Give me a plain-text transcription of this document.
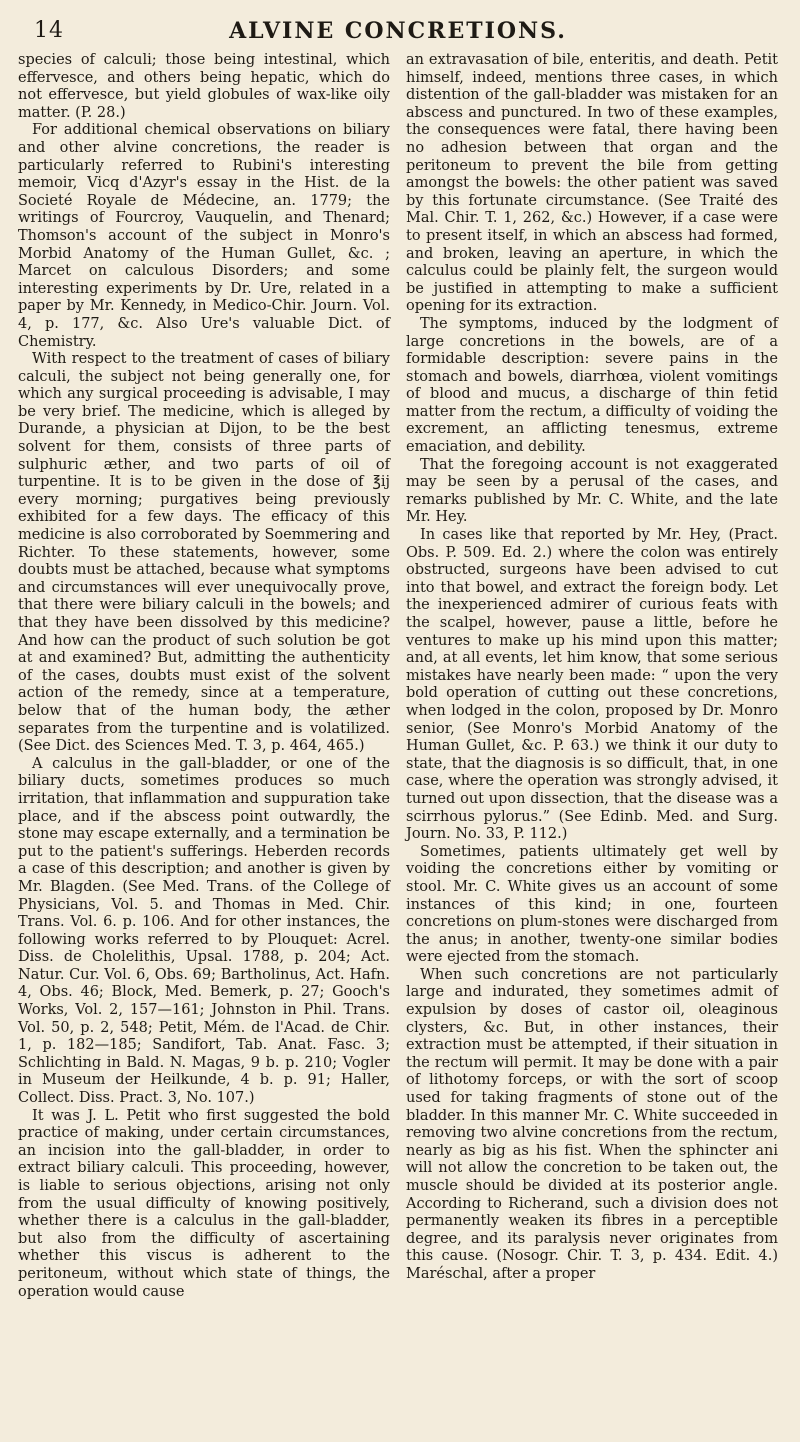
14	ALVINE CONCRETIONS.

species of calculi; those being intestinal, which effervesce, and others being hepatic, which do not effervesce, but yield globules of wax-like oily matter. (P. 28.)

For additional chemical observations on biliary and other alvine concretions, the reader is particularly referred to Rubini's interesting memoir, Vicq d'Azyr's essay in the Hist. de la Societé Royale de Médecine, an. 1779; the writings of Fourcroy, Vauquelin, and Thenard; Thomson's account of the subject in Monro's Morbid Anatomy of the Human Gullet, &c. ; Marcet on calculous Disorders; and some interesting experiments by Dr. Ure, related in a paper by Mr. Kennedy, in Medico-Chir. Journ. Vol. 4, p. 177, &c. Also Ure's valuable Dict. of Chemistry.

With respect to the treatment of cases of biliary calculi, the subject not being generally one, for which any surgical proceeding is advisable, I may be very brief. The medicine, which is alleged by Durande, a physician at Dijon, to be the best solvent for them, consists of three parts of sulphuric æther, and two parts of oil of turpentine. It is to be given in the dose of ℥ij every morning; purgatives being previously exhibited for a few days. The efficacy of this medicine is also corroborated by Soemmering and Richter. To these statements, however, some doubts must be attached, because what symptoms and circumstances will ever unequivocally prove, that there were biliary calculi in the bowels; and that they have been dissolved by this medicine? And how can the product of such solution be got at and examined? But, admitting the authenticity of the cases, doubts must exist of the solvent action of the remedy, since at a temperature, below that of the human body, the æther separates from the turpentine and is volatilized. (See Dict. des Sciences Med. T. 3, p. 464, 465.)

A calculus in the gall-bladder, or one of the biliary ducts, sometimes produces so much irritation, that inflammation and suppuration take place, and if the abscess point outwardly, the stone may escape externally, and a termination be put to the patient's sufferings. Heberden records a case of this description; and another is given by Mr. Blagden. (See Med. Trans. of the College of Physicians, Vol. 5. and Thomas in Med. Chir. Trans. Vol. 6. p. 106. And for other instances, the following works referred to by Plouquet: Acrel. Diss. de Cholelithis, Upsal. 1788, p. 204; Act. Natur. Cur. Vol. 6, Obs. 69; Bartholinus, Act. Hafn. 4, Obs. 46; Block, Med. Bemerk, p. 27; Gooch's Works, Vol. 2, 157—161; Johnston in Phil. Trans. Vol. 50, p. 2, 548; Petit, Mém. de l'Acad. de Chir. 1, p. 182—185; Sandifort, Tab. Anat. Fasc. 3; Schlichting in Bald. N. Magas, 9 b. p. 210; Vogler in Museum der Heilkunde, 4 b. p. 91; Haller, Collect. Diss. Pract. 3, No. 107.)

It was J. L. Petit who first suggested the bold practice of making, under certain circumstances, an incision into the gall-bladder, in order to extract biliary calculi. This proceeding, however, is liable to serious objections, arising not only from the usual difficulty of knowing positively, whether there is a calculus in the gall-bladder, but also from the difficulty of ascertaining whether this viscus is adherent to the peritoneum, without which state of things, the operation would cause

an extravasation of bile, enteritis, and death. Petit himself, indeed, mentions three cases, in which distention of the gall-bladder was mistaken for an abscess and punctured. In two of these examples, the consequences were fatal, there having been no adhesion between that organ and the peritoneum to prevent the bile from getting amongst the bowels: the other patient was saved by this fortunate circumstance. (See Traité des Mal. Chir. T. 1, 262, &c.) However, if a case were to present itself, in which an abscess had formed, and broken, leaving an aperture, in which the calculus could be plainly felt, the surgeon would be justified in attempting to make a sufficient opening for its extraction.

The symptoms, induced by the lodgment of large concretions in the bowels, are of a formidable description: severe pains in the stomach and bowels, diarrhœa, violent vomitings of blood and mucus, a discharge of thin fetid matter from the rectum, a difficulty of voiding the excrement, an afflicting tenesmus, extreme emaciation, and debility.

That the foregoing account is not exaggerated may be seen by a perusal of the cases, and remarks published by Mr. C. White, and the late Mr. Hey.

In cases like that reported by Mr. Hey, (Pract. Obs. P. 509. Ed. 2.) where the colon was entirely obstructed, surgeons have been advised to cut into that bowel, and extract the foreign body. Let the inexperienced admirer of curious feats with the scalpel, however, pause a little, before he ventures to make up his mind upon this matter; and, at all events, let him know, that some serious mistakes have nearly been made: “ upon the very bold operation of cutting out these concretions, when lodged in the colon, proposed by Dr. Monro senior, (See Monro's Morbid Anatomy of the Human Gullet, &c. P. 63.) we think it our duty to state, that the diagnosis is so difficult, that, in one case, where the operation was strongly advised, it turned out upon dissection, that the disease was a scirrhous pylorus.” (See Edinb. Med. and Surg. Journ. No. 33, P. 112.)

Sometimes, patients ultimately get well by voiding the concretions either by vomiting or stool. Mr. C. White gives us an account of some instances of this kind; in one, fourteen concretions on plum-stones were discharged from the anus; in another, twenty-one similar bodies were ejected from the stomach.

When such concretions are not particularly large and indurated, they sometimes admit of expulsion by doses of castor oil, oleaginous clysters, &c. But, in other instances, their extraction must be attempted, if their situation in the rectum will permit. It may be done with a pair of lithotomy forceps, or with the sort of scoop used for taking fragments of stone out of the bladder. In this manner Mr. C. White succeeded in removing two alvine concretions from the rectum, nearly as big as his fist. When the sphincter ani will not allow the concretion to be taken out, the muscle should be divided at its posterior angle. According to Richerand, such a division does not permanently weaken its fibres in a perceptible degree, and its paralysis never originates from this cause. (Nosogr. Chir. T. 3, p. 434. Edit. 4.) Maréschal, after a proper
